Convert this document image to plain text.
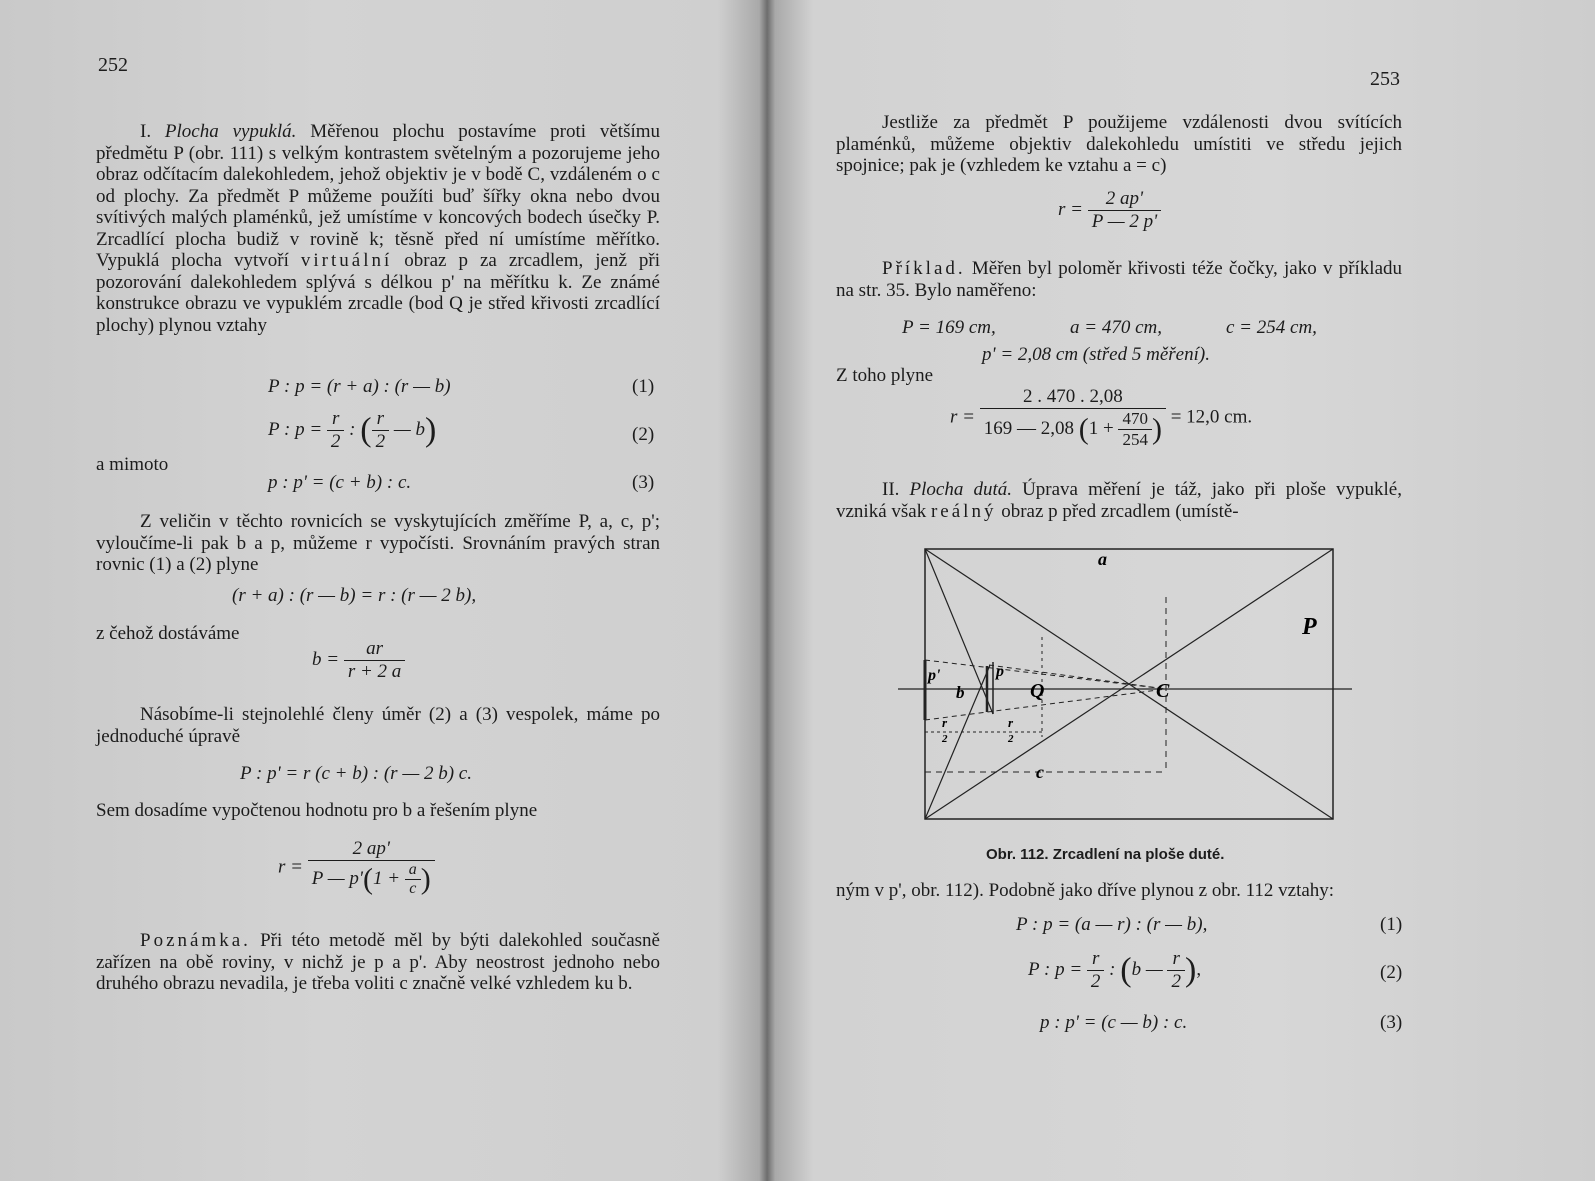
252
I. Plocha vypuklá. Měřenou plochu postavíme proti většímu předmětu P (obr. 111) s velkým kontrastem světelným a pozorujeme jeho obraz odčítacím dalekohledem, jehož objektiv je v bodě C, vzdáleném o c od plochy. Za předmět P můžeme použíti buď šířky okna nebo dvou svítivých malých plaménků, jež umístíme v koncových bodech úsečky P. Zrcadlící plocha budiž v rovině k; těsně před ní umístíme měřítko. Vypuklá plocha vytvoří virtuální obraz p za zrcadlem, jenž při pozorování dalekohledem splývá s délkou p' na měřítku k. Ze známé konstrukce obrazu ve vypuklém zrcadle (bod Q je střed křivosti zrcadlící plochy) plynou vztahy
P : p = (r + a) : (r — b)	(1)
P : $p = \frac{r}{2}$ : ( $\frac{r}{2}$ — b)	(2)
a mimoto
p : p' = (c + b) : c.	(3)
Z veličin v těchto rovnicích se vyskytujících změříme P, a, c, p'; vyloučíme-li pak b a p, můžeme r vypočísti. Srovnáním pravých stran rovnic (1) a (2) plyne
(r + a) : (r — b) = r : (r — 2 b),
z čehož dostáváme
$b = \frac{ar}{r + 2 a}$
Násobíme-li stejnolehlé členy úměr (2) a (3) vespolek, máme po jednoduché úpravě
P : p' = r (c + b) : (r — 2 b) c.
Sem dosadíme vypočtenou hodnotu pro b a řešením plyne
$r = \frac{2 ap'}{P — p'(1 + \frac{a}{c} )}$
Poznámka. Při této metodě měl by býti dalekohled současně zařízen na obě roviny, v nichž je p a p'. Aby neostrost jednoho nebo druhého obrazu nevadila, je třeba voliti c značně velké vzhledem ku b.
253
Jestliže za předmět P použijeme vzdálenosti dvou svítících plaménků, můžeme objektiv dalekohledu umístiti ve středu jejich spojnice; pak je (vzhledem ke vztahu a = c)
$r = \frac{2 ap'}{P — 2 p'}$
Příklad. Měřen byl poloměr křivosti téže čočky, jako v příkladu na str. 35. Bylo naměřeno:
P = 169 cm,	a = 470 cm,	c = 254 cm,
p' = 2,08 cm (střed 5 měření).
Z toho plyne
$r = \frac{2 . 470 . 2,08}{169 — 2,08 (1 + \frac{470}{254} )} = 12,0$ cm.
II. Plocha dutá. Úprava měření je táž, jako při ploše vypuklé, vzniká však reálný obraz p před zrcadlem (umístě-
a
P
p'	p
b	Q	C
r
2
r
2
c
Obr. 112. Zrcadlení na ploše duté.
ným v p', obr. 112). Podobně jako dříve plynou z obr. 112 vztahy:
P : p = (a — r) : (r — b),	(1)
P : $p = \frac{r}{2}$ : (b — $\frac{r}{2}$ ),	(2)
p : p' = (c — b) : c.	(3)
